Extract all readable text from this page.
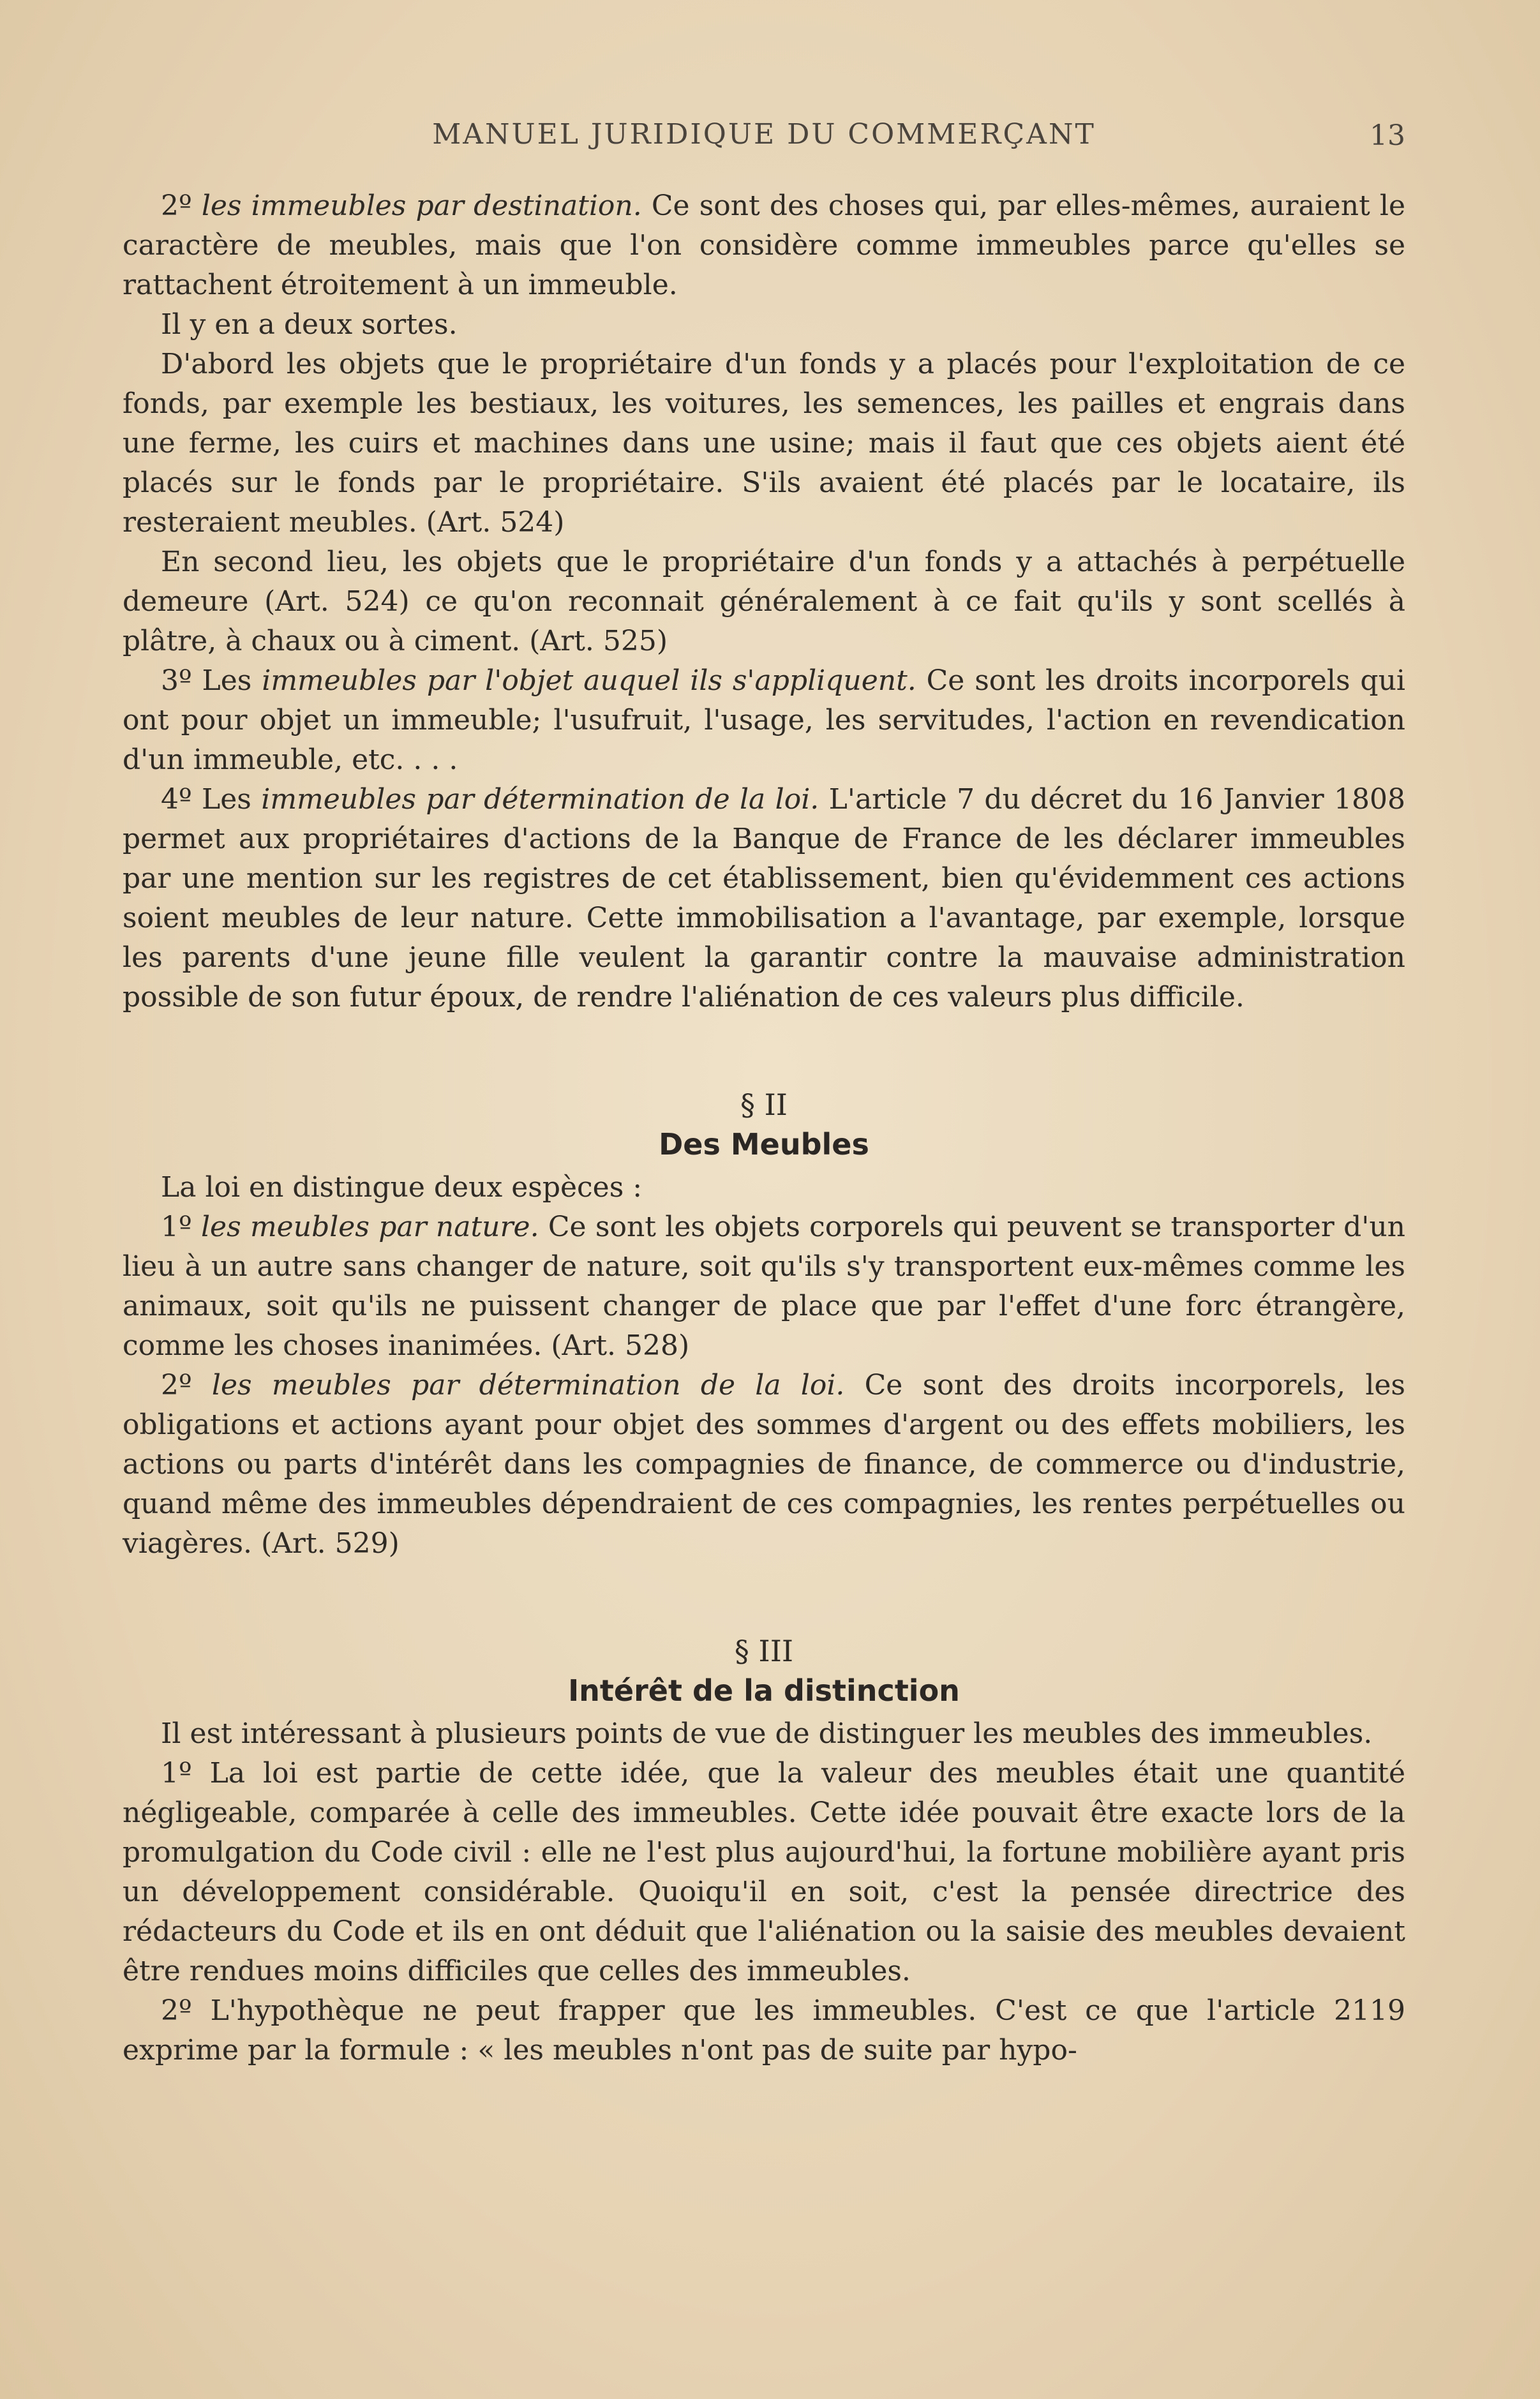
MANUEL JURIDIQUE DU COMMERÇANT	13

2º les immeubles par destination. Ce sont des choses qui, par elles-mêmes, auraient le caractère de meubles, mais que l'on considère comme immeubles parce qu'elles se rattachent étroitement à un immeuble.

Il y en a deux sortes.

D'abord les objets que le propriétaire d'un fonds y a placés pour l'exploitation de ce fonds, par exemple les bestiaux, les voitures, les semences, les pailles et engrais dans une ferme, les cuirs et machines dans une usine; mais il faut que ces objets aient été placés sur le fonds par le propriétaire. S'ils avaient été placés par le locataire, ils resteraient meubles. (Art. 524)

En second lieu, les objets que le propriétaire d'un fonds y a attachés à perpétuelle demeure (Art. 524) ce qu'on reconnait généralement à ce fait qu'ils y sont scellés à plâtre, à chaux ou à ciment. (Art. 525)

3º Les immeubles par l'objet auquel ils s'appliquent. Ce sont les droits incorporels qui ont pour objet un immeuble; l'usufruit, l'usage, les servitudes, l'action en revendication d'un immeuble, etc. . . .

4º Les immeubles par détermination de la loi. L'article 7 du décret du 16 Janvier 1808 permet aux propriétaires d'actions de la Banque de France de les déclarer immeubles par une mention sur les registres de cet établissement, bien qu'évidemment ces actions soient meubles de leur nature. Cette immobilisation a l'avantage, par exemple, lorsque les parents d'une jeune fille veulent la garantir contre la mauvaise administration possible de son futur époux, de rendre l'aliénation de ces valeurs plus difficile.

§ II
Des Meubles

La loi en distingue deux espèces :

1º les meubles par nature. Ce sont les objets corporels qui peuvent se transporter d'un lieu à un autre sans changer de nature, soit qu'ils s'y transportent eux-mêmes comme les animaux, soit qu'ils ne puissent changer de place que par l'effet d'une forc étrangère, comme les choses inanimées. (Art. 528)

2º les meubles par détermination de la loi. Ce sont des droits incorporels, les obligations et actions ayant pour objet des sommes d'argent ou des effets mobiliers, les actions ou parts d'intérêt dans les compagnies de finance, de commerce ou d'industrie, quand même des immeubles dépendraient de ces compagnies, les rentes perpétuelles ou viagères. (Art. 529)

§ III
Intérêt de la distinction

Il est intéressant à plusieurs points de vue de distinguer les meubles des immeubles.

1º La loi est partie de cette idée, que la valeur des meubles était une quantité négligeable, comparée à celle des immeubles. Cette idée pouvait être exacte lors de la promulgation du Code civil : elle ne l'est plus aujourd'hui, la fortune mobilière ayant pris un développement considérable. Quoiqu'il en soit, c'est la pensée directrice des rédacteurs du Code et ils en ont déduit que l'aliénation ou la saisie des meubles devaient être rendues moins difficiles que celles des immeubles.

2º L'hypothèque ne peut frapper que les immeubles. C'est ce que l'article 2119 exprime par la formule : « les meubles n'ont pas de suite par hypo-
